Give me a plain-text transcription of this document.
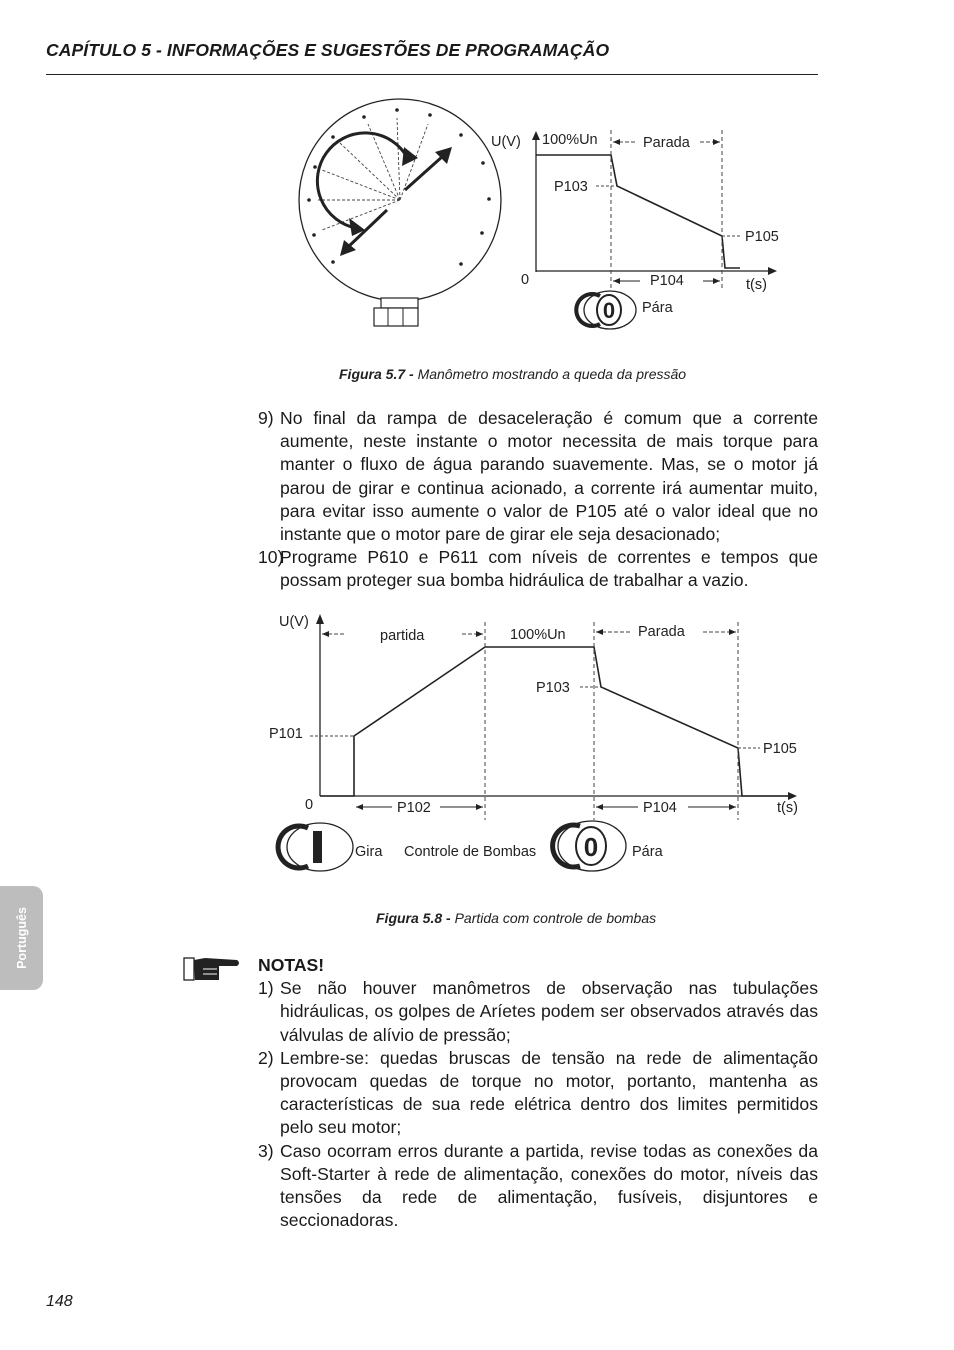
CAPÍTULO 5 - INFORMAÇÕES E SUGESTÕES DE PROGRAMAÇÃO
U(V) 100%Un	Parada
P103
P105
0	P104	t(s)
0 Pára
Figura 5.7 - Manômetro mostrando a queda da pressão
9) No final da rampa de desaceleração é comum que a corrente aumente, neste instante o motor necessita de mais torque para manter o fluxo de água parando suavemente. Mas, se o motor já parou de girar e continua acionado, a corrente irá aumentar muito, para evitar isso aumente o valor de P105 até o valor ideal que no instante que o motor pare de girar ele seja desacionado;
10)
Programe P610 e P611 com níveis de correntes e tempos que possam proteger sua bomba hidráulica de trabalhar a vazio.
U(V)
partida	100%Un	Parada
P103
P101
P105
0	P102	P104	t(s)
I	Gira Controle de Bombas 0 Pára
Figura 5.8 - Partida com controle de bombas
NOTAS!
1) Se não houver manômetros de observação nas tubulações hidráulicas, os golpes de Aríetes podem ser observados através das válvulas de alívio de pressão;
2) Lembre-se: quedas bruscas de tensão na rede de alimentação provocam quedas de torque no motor, portanto, mantenha as características de sua rede elétrica dentro dos limites permitidos pelo seu motor;
3) Caso ocorram erros durante a partida, revise todas as conexões da Soft-Starter à rede de alimentação, conexões do motor, níveis das tensões da rede de alimentação, fusíveis, disjuntores e seccionadoras.
Português
148
